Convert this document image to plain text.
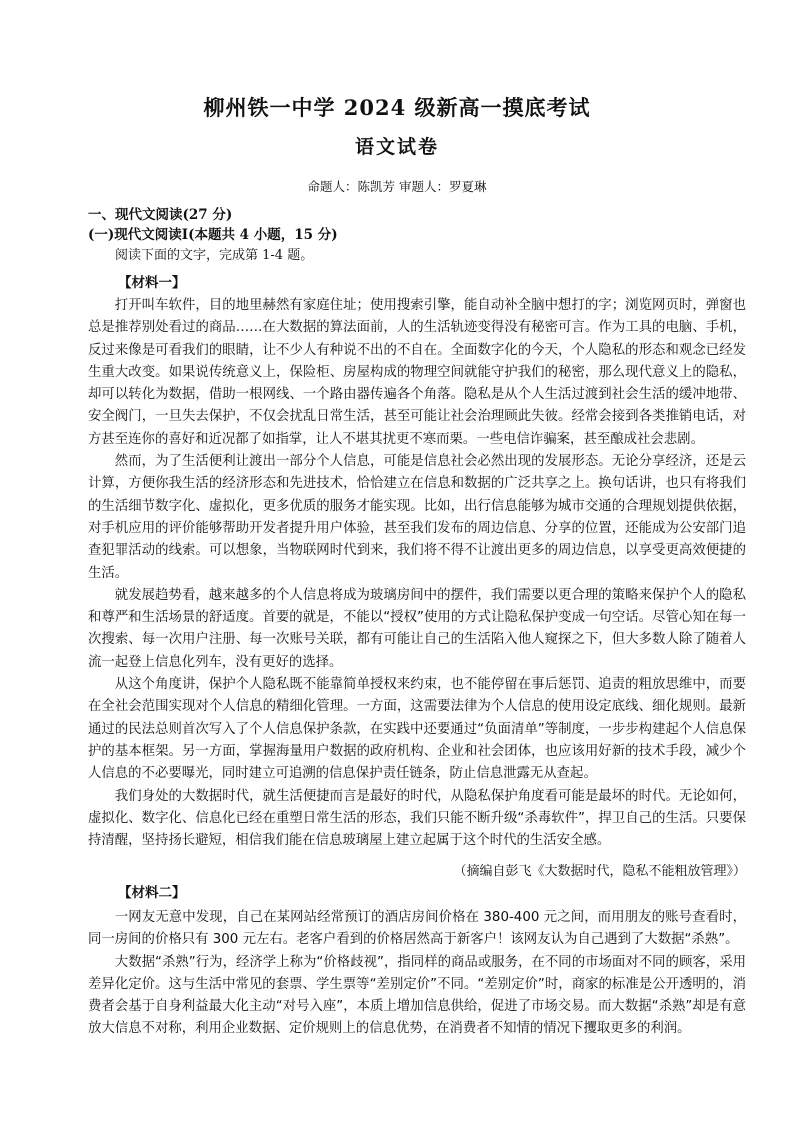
柳州铁一中学 2024 级新高一摸底考试
语文试卷
命题人：陈凯芳 审题人：罗夏琳
一、现代文阅读(27 分)
(一)现代文阅读Ⅰ(本题共 4 小题，15 分)
阅读下面的文字，完成第 1-4 题。
【材料一】

打开叫车软件，目的地里赫然有家庭住址；使用搜索引擎，能自动补全脑中想打的字；浏览网页时，弹窗也总是推荐别处看过的商品……在大数据的算法面前，人的生活轨迹变得没有秘密可言。作为工具的电脑、手机，反过来像是可看我们的眼睛，让不少人有种说不出的不自在。全面数字化的今天，个人隐私的形态和观念已经发生重大改变。如果说传统意义上，保险柜、房屋构成的物理空间就能守护我们的秘密，那么现代意义上的隐私，却可以转化为数据，借助一根网线、一个路由器传遍各个角落。隐私是从个人生活过渡到社会生活的缓冲地带、安全阀门，一旦失去保护，不仅会扰乱日常生活，甚至可能让社会治理顾此失彼。经常会接到各类推销电话，对方甚至连你的喜好和近况都了如指掌，让人不堪其扰更不寒而栗。一些电信诈骗案，甚至酿成社会悲剧。

然而，为了生活便利让渡出一部分个人信息，可能是信息社会必然出现的发展形态。无论分享经济，还是云计算，方便你我生活的经济形态和先进技术，恰恰建立在信息和数据的广泛共享之上。换句话讲，也只有将我们的生活细节数字化、虚拟化，更多优质的服务才能实现。比如，出行信息能够为城市交通的合理规划提供依据，对手机应用的评价能够帮助开发者提升用户体验，甚至我们发布的周边信息、分享的位置，还能成为公安部门追查犯罪活动的线索。可以想象，当物联网时代到来，我们将不得不让渡出更多的周边信息，以享受更高效便捷的生活。

就发展趋势看，越来越多的个人信息将成为玻璃房间中的摆件，我们需要以更合理的策略来保护个人的隐私和尊严和生活场景的舒适度。首要的就是，不能以“授权”使用的方式让隐私保护变成一句空话。尽管心知在每一次搜索、每一次用户注册、每一次账号关联，都有可能让自己的生活陷入他人窥探之下，但大多数人除了随着人流一起登上信息化列车，没有更好的选择。

从这个角度讲，保护个人隐私既不能靠简单授权来约束，也不能停留在事后惩罚、追责的粗放思维中，而要在全社会范围实现对个人信息的精细化管理。一方面，这需要法律为个人信息的使用设定底线、细化规则。最新通过的民法总则首次写入了个人信息保护条款，在实践中还要通过“负面清单”等制度，一步步构建起个人信息保护的基本框架。另一方面，掌握海量用户数据的政府机构、企业和社会团体，也应该用好新的技术手段，减少个人信息的不必要曝光，同时建立可追溯的信息保护责任链条，防止信息泄露无从查起。

我们身处的大数据时代，就生活便捷而言是最好的时代，从隐私保护角度看可能是最坏的时代。无论如何，虚拟化、数字化、信息化已经在重塑日常生活的形态，我们只能不断升级“杀毒软件”，捍卫自己的生活。只要保持清醒，坚持扬长避短，相信我们能在信息玻璃屋上建立起属于这个时代的生活安全感。

（摘编自彭飞《大数据时代，隐私不能粗放管理》）
【材料二】

一网友无意中发现，自己在某网站经常预订的酒店房间价格在 380-400 元之间，而用朋友的账号查看时，同一房间的价格只有 300 元左右。老客户看到的价格居然高于新客户！该网友认为自己遇到了大数据“杀熟”。

大数据“杀熟”行为，经济学上称为“价格歧视”，指同样的商品或服务，在不同的市场面对不同的顾客，采用差异化定价。这与生活中常见的套票、学生票等“差别定价”不同。“差别定价”时，商家的标准是公开透明的，消费者会基于自身利益最大化主动“对号入座”，本质上增加信息供给，促进了市场交易。而大数据“杀熟”却是有意放大信息不对称，利用企业数据、定价规则上的信息优势，在消费者不知情的情况下攫取更多的利润。
